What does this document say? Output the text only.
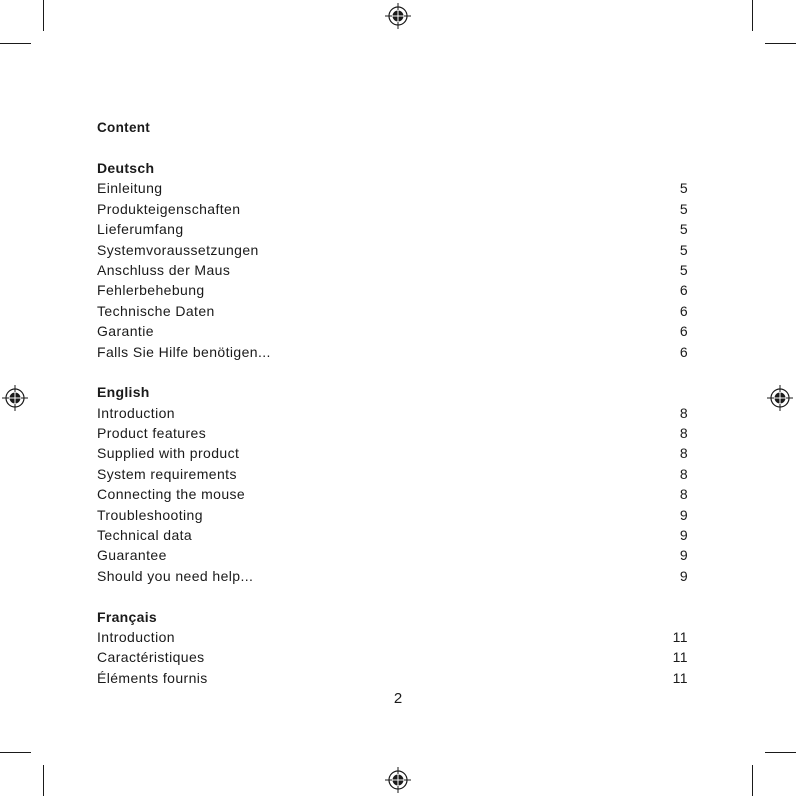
Content
Deutsch
Einleitung	5
Produkteigenschaften	5
Lieferumfang	5
Systemvoraussetzungen	5
Anschluss der Maus	5
Fehlerbehebung	6
Technische Daten	6
Garantie	6
Falls Sie Hilfe benötigen...	6
English
Introduction	8
Product features	8
Supplied with product	8
System requirements	8
Connecting the mouse	8
Troubleshooting	9
Technical data	9
Guarantee	9
Should you need help...	9
Français
Introduction	11
Caractéristiques	11
Éléments fournis	11
2
